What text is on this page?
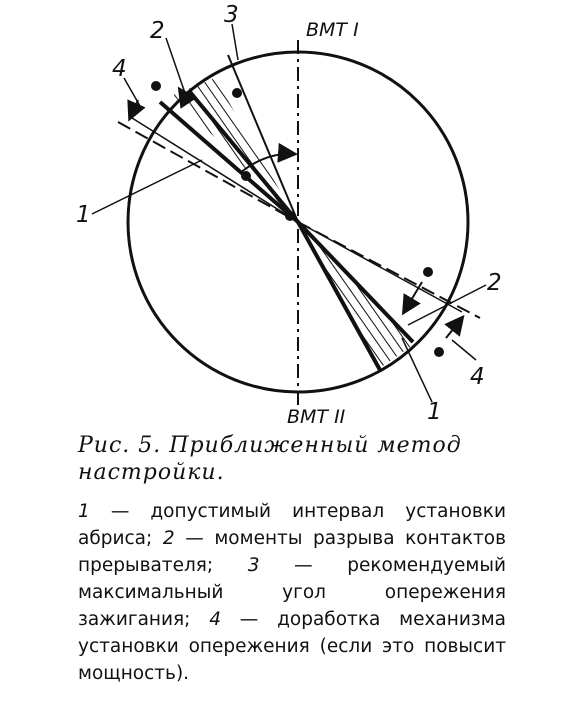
ВМТ I
ВМТ II
1
1
2
2
3
4
4
Рис. 5. Приближенный метод
настройки.
1 — допустимый интервал установки абриса; 2 — моменты разрыва контактов прерывателя; 3 — рекомендуемый максимальный угол опережения зажигания; 4 — доработка механизма установки опережения (если это повысит мощность).
